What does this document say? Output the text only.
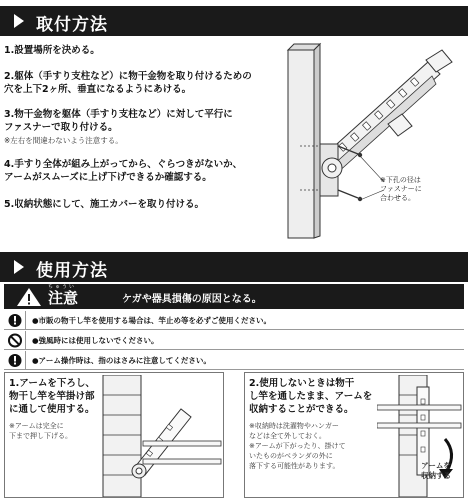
取付方法
1.設置場所を決める。
2.躯体（手すり支柱など）に物干金物を取り付けるための
穴を上下2ヶ所、垂直になるようにあける。
3.物干金物を躯体（手すり支柱など）に対して平行に
ファスナーで取り付ける。
※左右を間違わないよう注意する。
4.手すり全体が組み上がってから、ぐらつきがないか、
アームがスムーズに上げ下げできるか確認する。
5.収納状態にして、施工カバーを取り付ける。
※下孔の径は
ファスナーに
合わせる。
使用方法
ちゅうい
注意	ケガや器具損傷の原因となる。
●市販の物干し竿を使用する場合は、竿止め等を必ずご使用ください。
●強風時には使用しないでください。
●アーム操作時は、指のはさみに注意してください。
1.アームを下ろし、
物干し竿を竿掛け部
に通して使用する。
※アームは完全に
下まで押し下げる。
2.使用しないときは物干
し竿を通したまま、アームを
収納することができる。
※収納時は洗濯物やハンガー
などは全て外しておく。
※アームが下がったり、掛けて
いたものがベランダの外に
落下する可能性があります。	アームを
収納する
